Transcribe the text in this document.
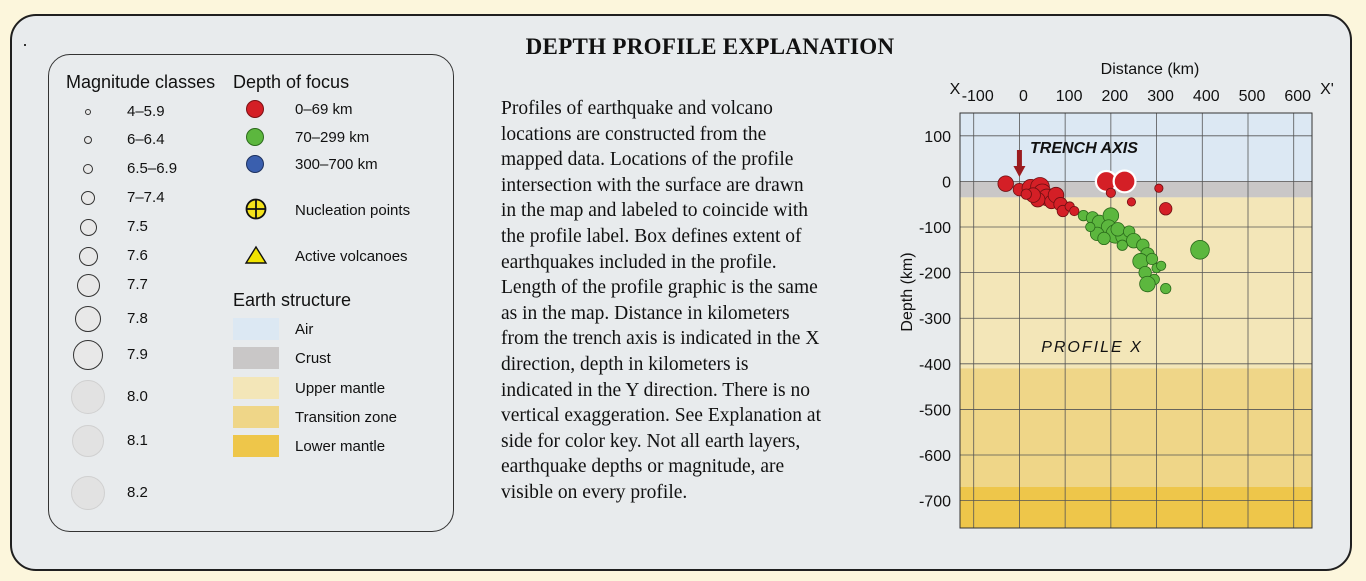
DEPTH PROFILE EXPLANATION
Magnitude classes Depth of focus
Earth structure
4–5.9
6–6.4
6.5–6.9
7–7.4
7.5
7.6
7.7
7.8
7.9
8.0
8.1
8.2
0–69 km
70–299 km
300–700 km
Nucleation points
Active volcanoes
Air
Crust
Upper mantle
Transition zone
Lower mantle
Profiles of earthquake and volcano
locations are constructed from the
mapped data. Locations of the profile
intersection with the surface are drawn
in the map and labeled to coincide with
the profile label. Box defines extent of
earthquakes included in the profile.
Length of the profile graphic is the same
as in the map. Distance in kilometers
from the trench axis is indicated in the X
direction, depth in kilometers is
indicated in the Y direction. There is no
vertical exaggeration. See Explanation at
side for color key. Not all earth layers,
earthquake depths or magnitude, are
visible on every profile.
-100 0 100 200 300 400 500 600
X	X'
Distance (km)
100
0
-100
-200
-300
-400
-500
-600
-700
Depth (km)
TRENCH AXIS
PROFILE X
